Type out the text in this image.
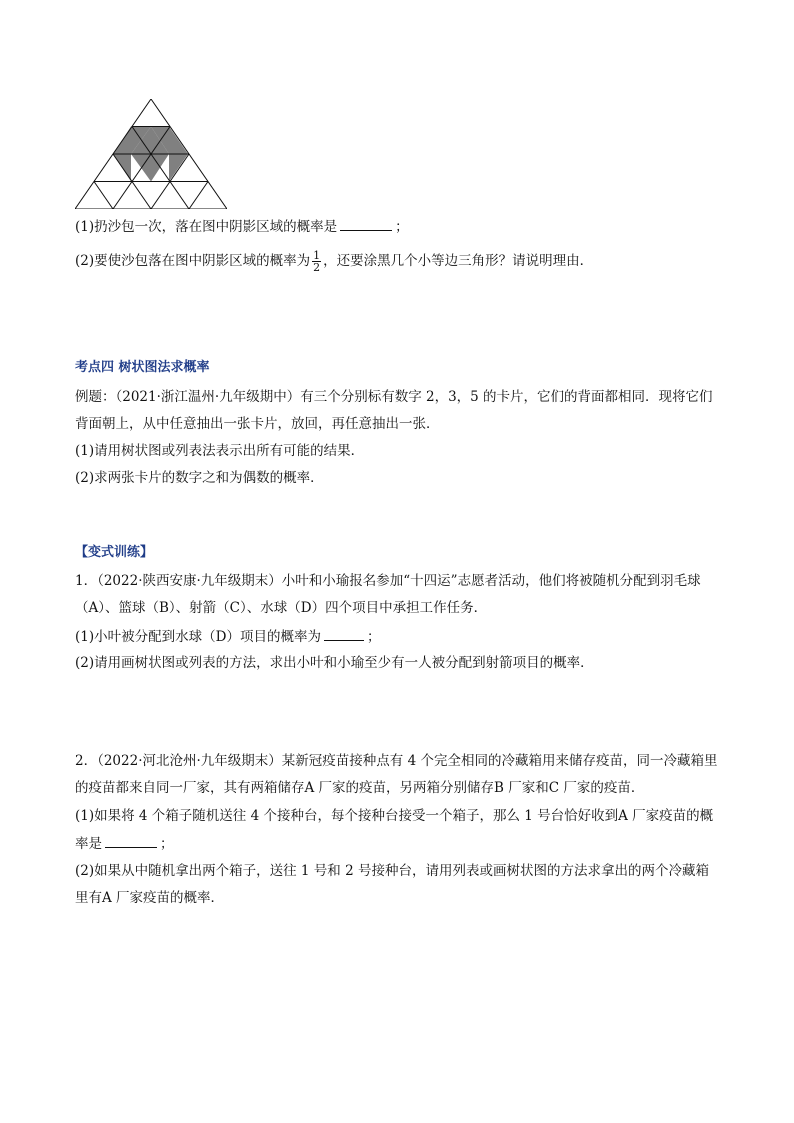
(1)扔沙包一次，落在图中阴影区域的概率是	；
(2)要使沙包落在图中阴影区域的概率为 $\frac{1}{2}$ ，还要涂黑几个小等边三角形？请说明理由．
考点四 树状图法求概率
例题：（2021·浙江温州·九年级期中）有三个分别标有数字 2，3，5 的卡片，它们的背面都相同．现将它们
背面朝上，从中任意抽出一张卡片，放回，再任意抽出一张．
(1)请用树状图或列表法表示出所有可能的结果．
(2)求两张卡片的数字之和为偶数的概率．
【变式训练】
1．（2022·陕西安康·九年级期末）小叶和小瑜报名参加“十四运”志愿者活动，他们将被随机分配到羽毛球
（A）、篮球（B）、射箭（C）、水球（D）四个项目中承担工作任务．
(1)小叶被分配到水球（D）项目的概率为	；
(2)请用画树状图或列表的方法，求出小叶和小瑜至少有一人被分配到射箭项目的概率．
2．（2022·河北沧州·九年级期末）某新冠疫苗接种点有 4 个完全相同的冷藏箱用来储存疫苗，同一冷藏箱里
的疫苗都来自同一厂家，其有两箱储存A 厂家的疫苗，另两箱分别储存B 厂家和C 厂家的疫苗．
(1)如果将 4 个箱子随机送往 4 个接种台，每个接种台接受一个箱子，那么 1 号台恰好收到A 厂家疫苗的概
率是	；
(2)如果从中随机拿出两个箱子，送往 1 号和 2 号接种台，请用列表或画树状图的方法求拿出的两个冷藏箱
里有A 厂家疫苗的概率．
